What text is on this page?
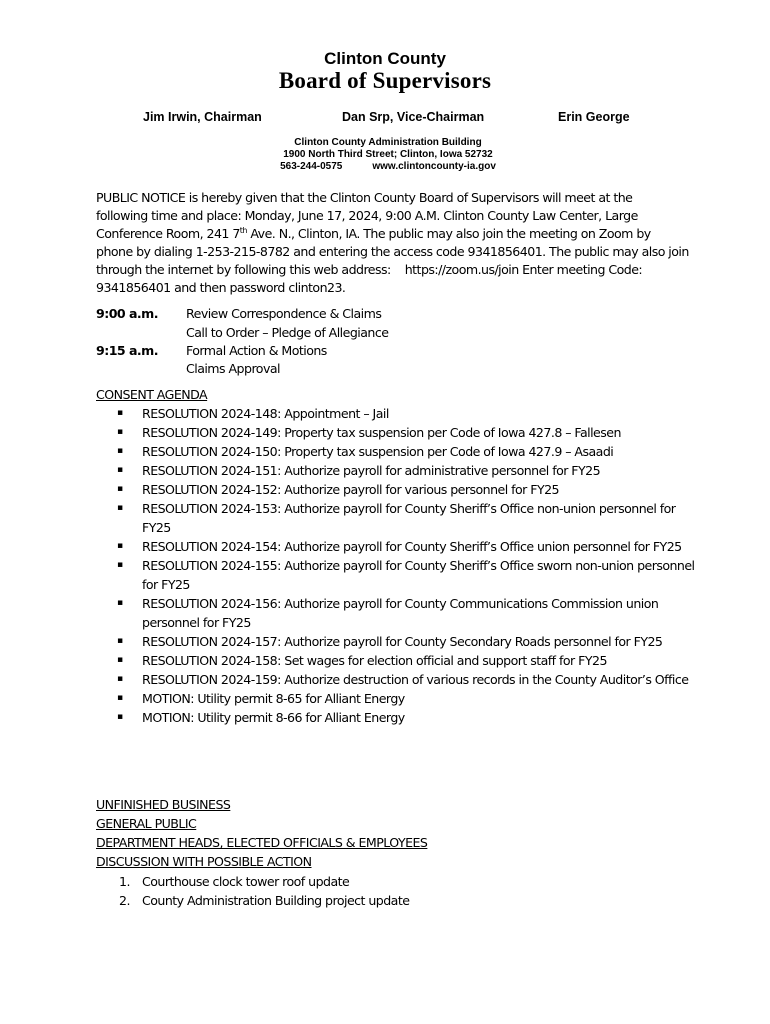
Clinton County
Board of Supervisors
Jim Irwin, Chairman	Dan Srp, Vice-Chairman	Erin George
Clinton County Administration Building
1900 North Third Street; Clinton, Iowa 52732
563-244-0575	www.clintoncounty-ia.gov
PUBLIC NOTICE is hereby given that the Clinton County Board of Supervisors will meet at the
following time and place: Monday, June 17, 2024, 9:00 A.M. Clinton County Law Center, Large
Conference Room, 241 7th Ave. N., Clinton, IA. The public may also join the meeting on Zoom by
phone by dialing 1-253-215-8782 and entering the access code 9341856401. The public may also join
through the internet by following this web address: https://zoom.us/join Enter meeting Code:
9341856401 and then password clinton23.
9:00 a.m. Review Correspondence & Claims
Call to Order – Pledge of Allegiance
9:15 a.m. Formal Action & Motions
Claims Approval
CONSENT AGENDA
▪ RESOLUTION 2024-148: Appointment – Jail
▪ RESOLUTION 2024-149: Property tax suspension per Code of Iowa 427.8 – Fallesen
▪ RESOLUTION 2024-150: Property tax suspension per Code of Iowa 427.9 – Asaadi
▪ RESOLUTION 2024-151: Authorize payroll for administrative personnel for FY25
▪ RESOLUTION 2024-152: Authorize payroll for various personnel for FY25
▪ RESOLUTION 2024-153: Authorize payroll for County Sheriff’s Office non-union personnel for FY25
▪ RESOLUTION 2024-154: Authorize payroll for County Sheriff’s Office union personnel for FY25
▪ RESOLUTION 2024-155: Authorize payroll for County Sheriff’s Office sworn non-union personnel for FY25
▪ RESOLUTION 2024-156: Authorize payroll for County Communications Commission union personnel for FY25
▪ RESOLUTION 2024-157: Authorize payroll for County Secondary Roads personnel for FY25
▪ RESOLUTION 2024-158: Set wages for election official and support staff for FY25
▪ RESOLUTION 2024-159: Authorize destruction of various records in the County Auditor’s Office
▪ MOTION: Utility permit 8-65 for Alliant Energy
▪ MOTION: Utility permit 8-66 for Alliant Energy
UNFINISHED BUSINESS
GENERAL PUBLIC
DEPARTMENT HEADS, ELECTED OFFICIALS & EMPLOYEES
DISCUSSION WITH POSSIBLE ACTION
1. Courthouse clock tower roof update
2. County Administration Building project update
